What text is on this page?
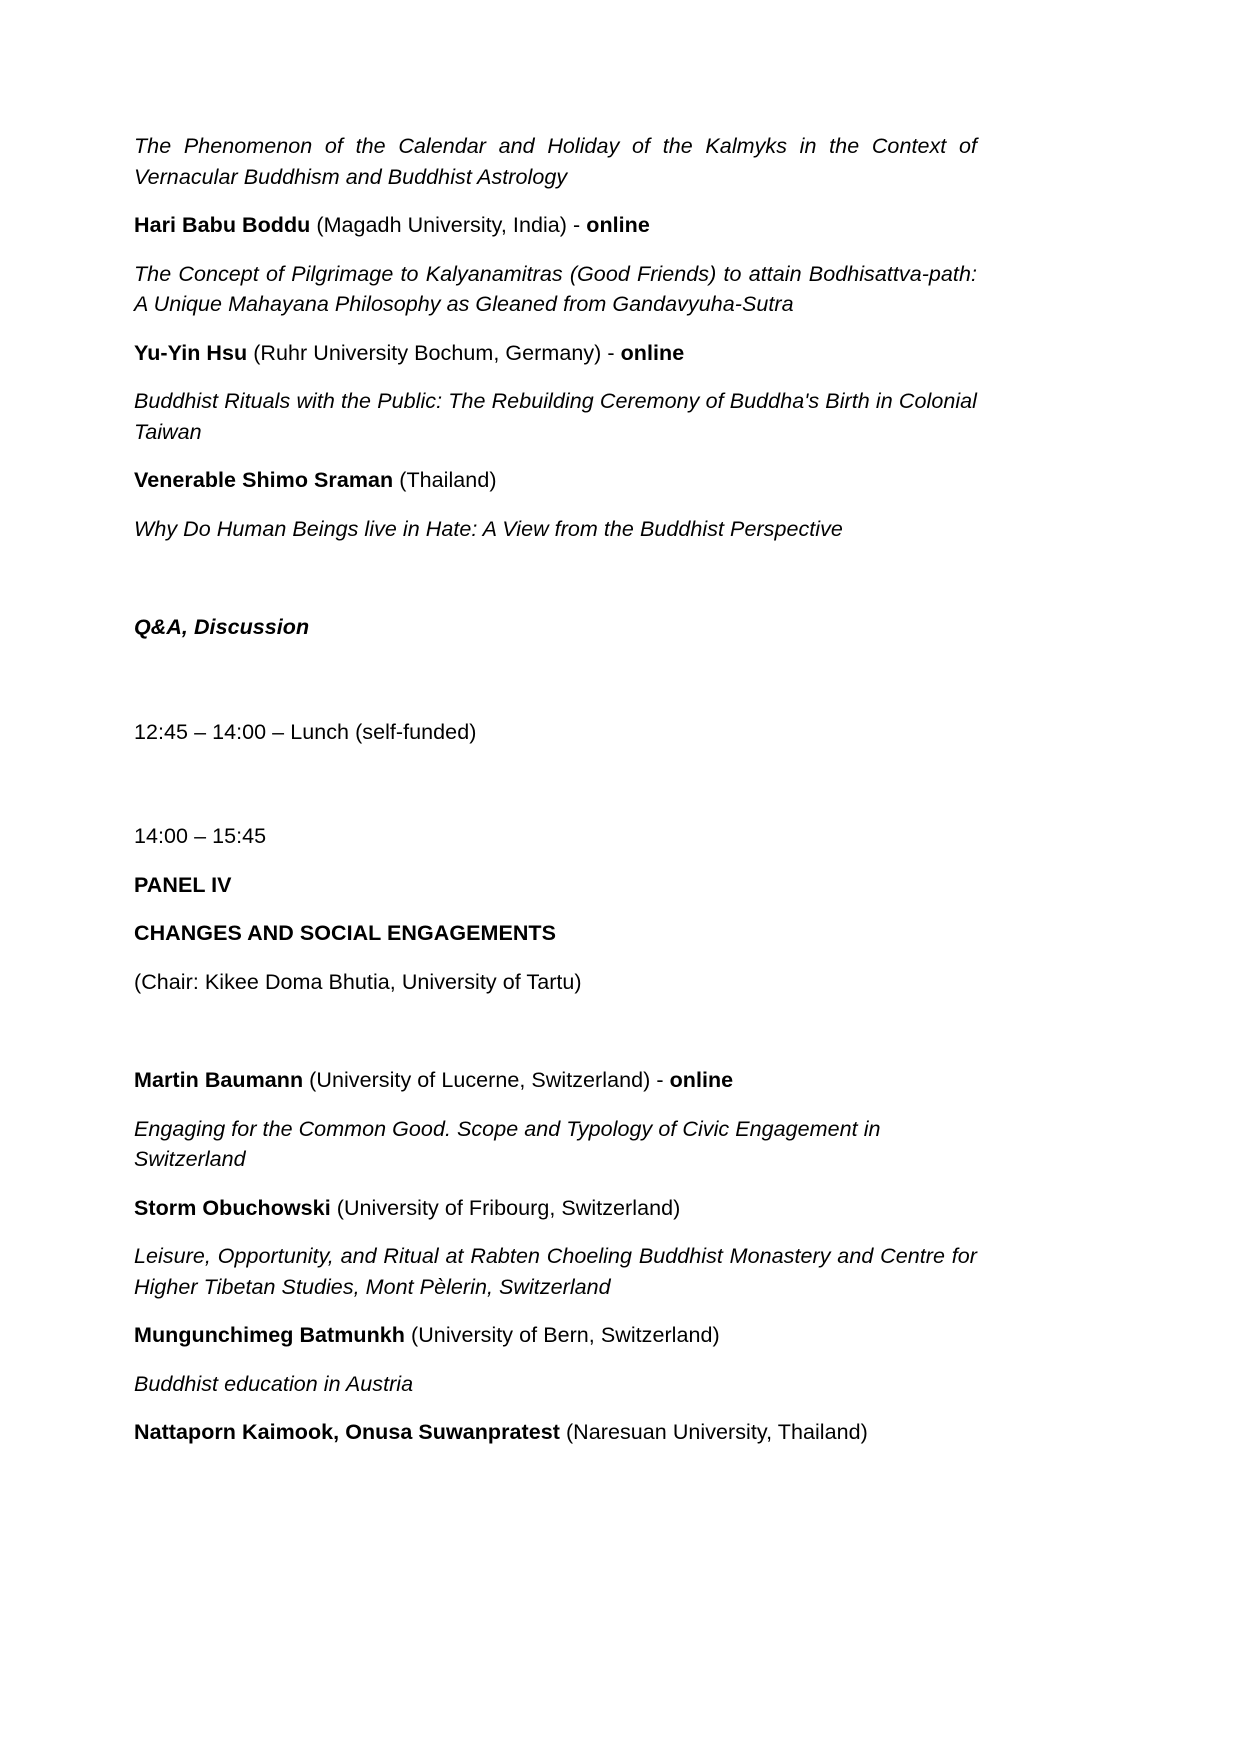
The Phenomenon of the Calendar and Holiday of the Kalmyks in the Context of Vernacular Buddhism and Buddhist Astrology

Hari Babu Boddu (Magadh University, India) - online

The Concept of Pilgrimage to Kalyanamitras (Good Friends) to attain Bodhisattva-path: A Unique Mahayana Philosophy as Gleaned from Gandavyuha-Sutra

Yu-Yin Hsu (Ruhr University Bochum, Germany) - online

Buddhist Rituals with the Public: The Rebuilding Ceremony of Buddha's Birth in Colonial Taiwan

Venerable Shimo Sraman (Thailand)

Why Do Human Beings live in Hate: A View from the Buddhist Perspective

Q&A, Discussion

12:45 – 14:00 – Lunch (self-funded)

14:00 – 15:45

PANEL IV

CHANGES AND SOCIAL ENGAGEMENTS

(Chair: Kikee Doma Bhutia, University of Tartu)

Martin Baumann (University of Lucerne, Switzerland) - online

Engaging for the Common Good. Scope and Typology of Civic Engagement in Switzerland

Storm Obuchowski (University of Fribourg, Switzerland)

Leisure, Opportunity, and Ritual at Rabten Choeling Buddhist Monastery and Centre for Higher Tibetan Studies, Mont Pèlerin, Switzerland

Mungunchimeg Batmunkh (University of Bern, Switzerland)

Buddhist education in Austria

Nattaporn Kaimook, Onusa Suwanpratest (Naresuan University, Thailand)
